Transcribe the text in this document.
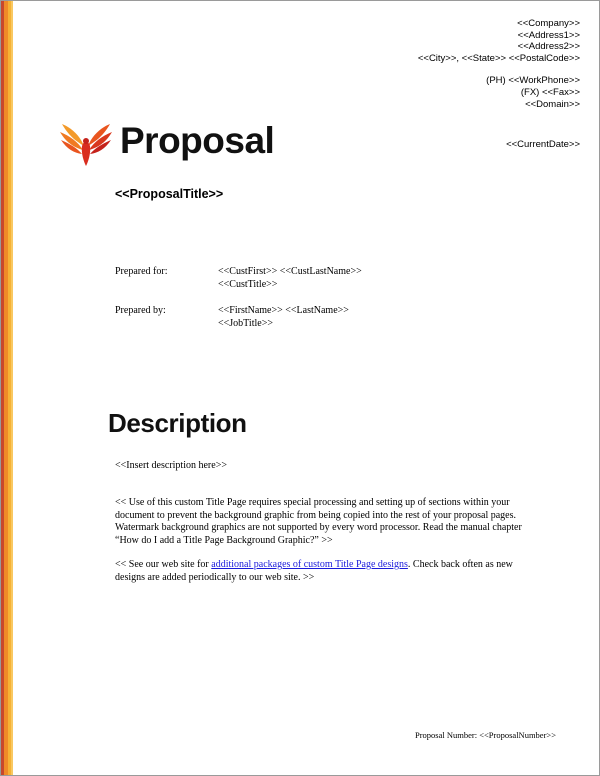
<<Company>>
<<Address1>>
<<Address2>>
<<City>>, <<State>> <<PostalCode>>
(PH) <<WorkPhone>>
(FX) <<Fax>>
<<Domain>>
Proposal	<<CurrentDate>>
<<ProposalTitle>>
Prepared for:	<<CustFirst>> <<CustLastName>>
<<CustTitle>>
Prepared by:	<<FirstName>> <<LastName>>
<<JobTitle>>
Description
<<Insert description here>>
<< Use of this custom Title Page requires special processing and setting up of sections within your document to prevent the background graphic from being copied into the rest of your proposal pages. Watermark background graphics are not supported by every word processor. Read the manual chapter “How do I add a Title Page Background Graphic?” >>
<< See our web site for additional packages of custom Title Page designs. Check back often as new designs are added periodically to our web site. >>
Proposal Number: <<ProposalNumber>>
